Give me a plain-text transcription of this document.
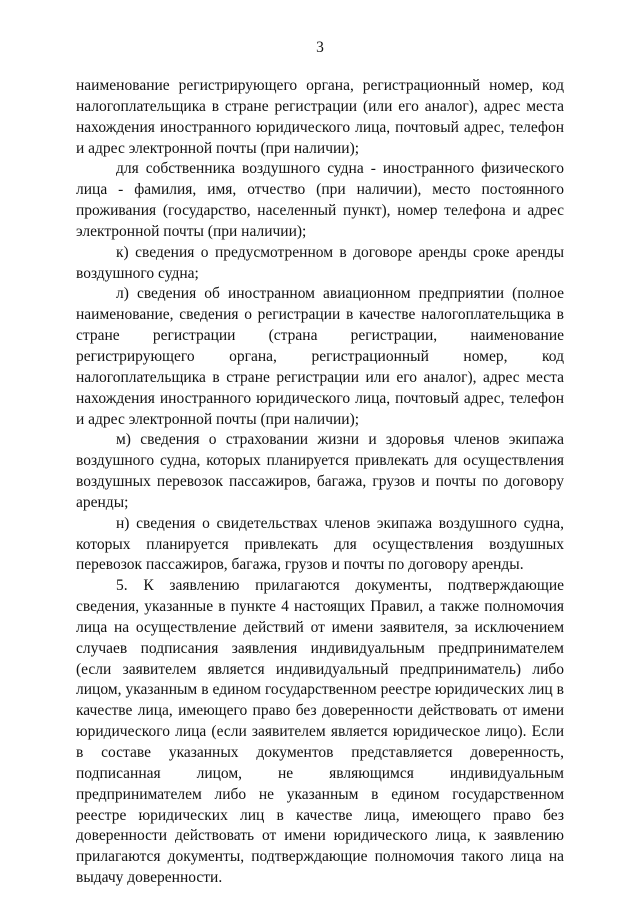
3

наименование регистрирующего органа, регистрационный номер, код налогоплательщика в стране регистрации (или его аналог), адрес места нахождения иностранного юридического лица, почтовый адрес, телефон и адрес электронной почты (при наличии);

для собственника воздушного судна - иностранного физического лица - фамилия, имя, отчество (при наличии), место постоянного проживания (государство, населенный пункт), номер телефона и адрес электронной почты (при наличии);

к) сведения о предусмотренном в договоре аренды сроке аренды воздушного судна;

л) сведения об иностранном авиационном предприятии (полное наименование, сведения о регистрации в качестве налогоплательщика в стране регистрации (страна регистрации, наименование регистрирующего органа, регистрационный номер, код налогоплательщика в стране регистрации или его аналог), адрес места нахождения иностранного юридического лица, почтовый адрес, телефон и адрес электронной почты (при наличии);

м) сведения о страховании жизни и здоровья членов экипажа воздушного судна, которых планируется привлекать для осуществления воздушных перевозок пассажиров, багажа, грузов и почты по договору аренды;

н) сведения о свидетельствах членов экипажа воздушного судна, которых планируется привлекать для осуществления воздушных перевозок пассажиров, багажа, грузов и почты по договору аренды.

5. К заявлению прилагаются документы, подтверждающие сведения, указанные в пункте 4 настоящих Правил, а также полномочия лица на осуществление действий от имени заявителя, за исключением случаев подписания заявления индивидуальным предпринимателем (если заявителем является индивидуальный предприниматель) либо лицом, указанным в едином государственном реестре юридических лиц в качестве лица, имеющего право без доверенности действовать от имени юридического лица (если заявителем является юридическое лицо). Если в составе указанных документов представляется доверенность, подписанная лицом, не являющимся индивидуальным предпринимателем либо не указанным в едином государственном реестре юридических лиц в качестве лица, имеющего право без доверенности действовать от имени юридического лица, к заявлению прилагаются документы, подтверждающие полномочия такого лица на выдачу доверенности.
